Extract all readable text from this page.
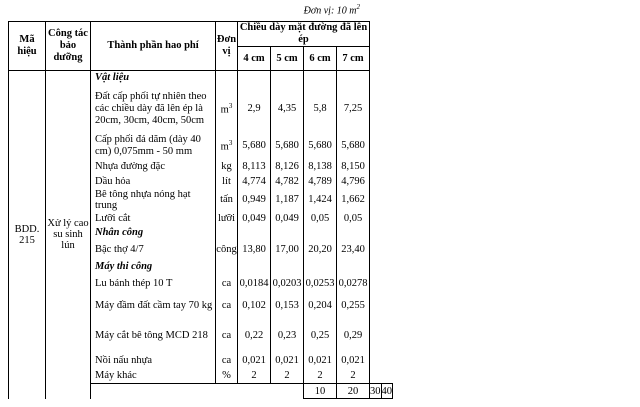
Đơn vị: 10 $m^2$
Mã hiệu	Công tác bảo dưỡng	Thành phần hao phí	Đơn vị	Chiều dày mặt đường đã lên ép					
				4 cm	5 cm	6 cm	7 cm		
BDD. 215	Xử lý cao su sinh lún	Vật liệu							
		Đất cấp phối tự nhiên theo các chiều dày đã lên ép là 20cm, 30cm, 40cm, 50cm	$m^3$	2,9	4,35	5,8	7,25		
		Cấp phối đá dăm (dày 40 cm) 0,075mm - 50 mm	$m^3$	5,680	5,680	5,680	5,680		
		Nhựa đường đặc	kg	8,113	8,126	8,138	8,150		
		Dầu hỏa	lít	4,774	4,782	4,789	4,796		
		Bê tông nhựa nóng hạt trung	tấn	0,949	1,187	1,424	1,662		
		Lưỡi cắt	lưỡi	0,049	0,049	0,05	0,05		
		Nhân công							
		Bậc thợ 4/7	công	13,80	17,00	20,20	23,40		
		Máy thi công							
		Lu bánh thép 10 T	ca	0,0184	0,0203	0,0253	0,0278		
		Máy đầm đất cầm tay 70 kg	ca	0,102	0,153	0,204	0,255		
		Máy cắt bê tông MCD 218	ca	0,22	0,23	0,25	0,29		
		Nồi nấu nhựa	ca	0,021	0,021	0,021	0,021		
		Máy khác	%	2	2	2	2		
						10	20	30	40
